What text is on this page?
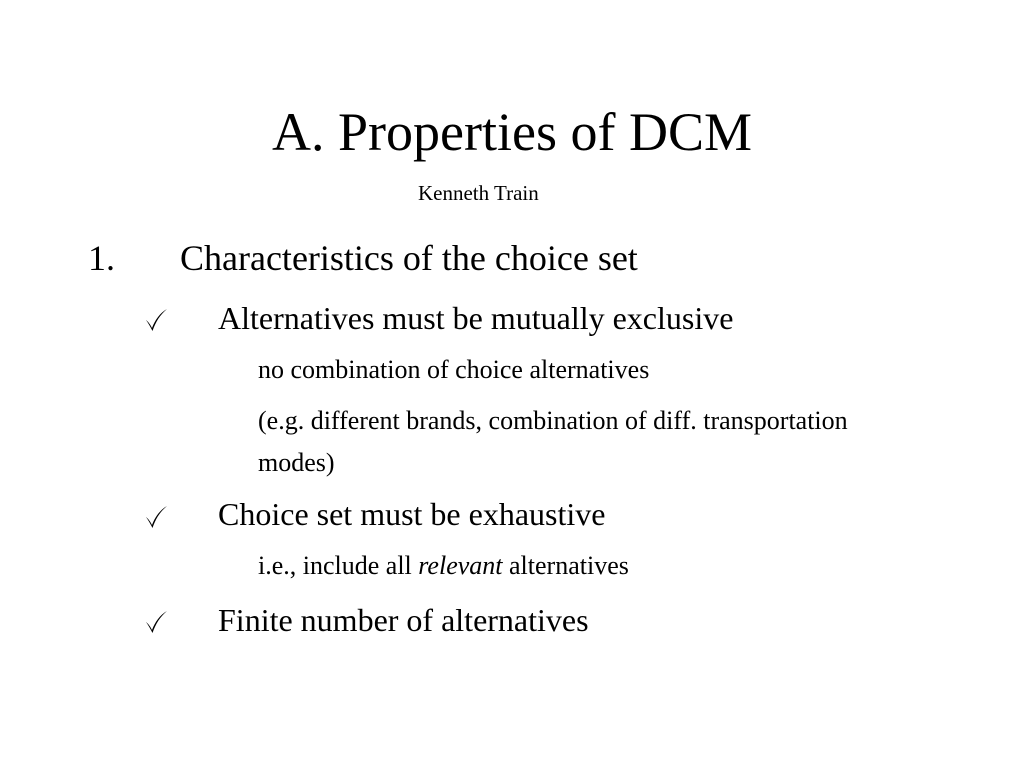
A. Properties of DCM
Kenneth Train
1. Characteristics of the choice set
Alternatives must be mutually exclusive
no combination of choice alternatives
(e.g. different brands, combination of diff. transportation modes)
Choice set must be exhaustive
i.e., include all relevant alternatives
Finite number of alternatives
